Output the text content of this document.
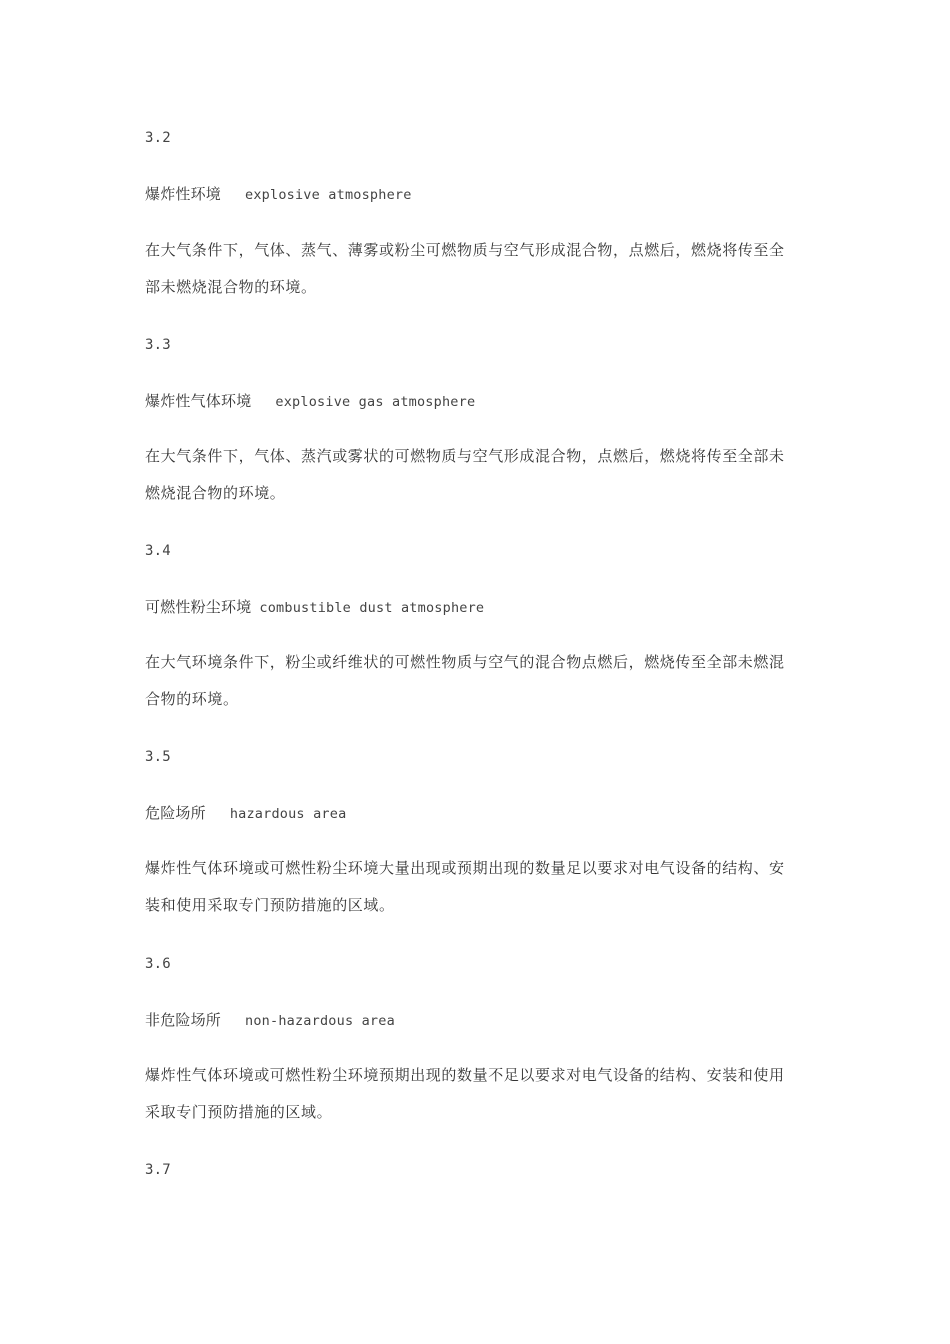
3.2
爆炸性环境 explosive atmosphere
在大气条件下，气体、蒸气、薄雾或粉尘可燃物质与空气形成混合物，点燃后，燃烧将传至全
部未燃烧混合物的环境。
3.3
爆炸性气体环境 explosive gas atmosphere
在大气条件下，气体、蒸汽或雾状的可燃物质与空气形成混合物，点燃后，燃烧将传至全部未
燃烧混合物的环境。
3.4
可燃性粉尘环境 combustible dust atmosphere
在大气环境条件下，粉尘或纤维状的可燃性物质与空气的混合物点燃后，燃烧传至全部未燃混
合物的环境。
3.5
危险场所 hazardous area
爆炸性气体环境或可燃性粉尘环境大量出现或预期出现的数量足以要求对电气设备的结构、安
装和使用采取专门预防措施的区域。
3.6
非危险场所 non-hazardous area
爆炸性气体环境或可燃性粉尘环境预期出现的数量不足以要求对电气设备的结构、安装和使用
采取专门预防措施的区域。
3.7
